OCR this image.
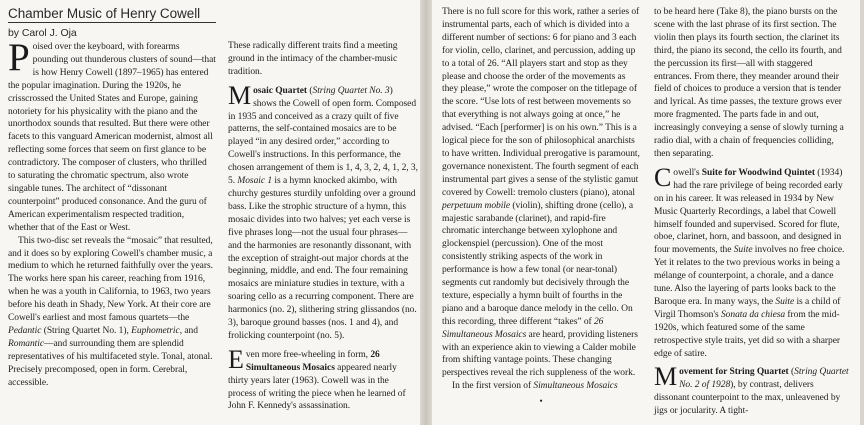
Chamber Music of Henry Cowell
by Carol J. Oja

Poised over the keyboard, with forearms pounding out thunderous clusters of sound—that is how Henry Cowell (1897–1965) has entered the popular imagination. During the 1920s, he crisscrossed the United States and Europe, gaining notoriety for his physicality with the piano and the unorthodox sounds that resulted. But there were other facets to this vanguard American modernist, almost all reflecting some forces that seem on first glance to be contradictory. The composer of clusters, who thrilled to saturating the chromatic spectrum, also wrote singable tunes. The architect of “dissonant counterpoint” produced consonance. And the guru of American experimentalism respected tradition, whether that of the East or West.

This two-disc set reveals the “mosaic” that resulted, and it does so by exploring Cowell's chamber music, a medium to which he returned faithfully over the years. The works here span his career, reaching from 1916, when he was a youth in California, to 1963, two years before his death in Shady, New York. At their core are Cowell's earliest and most famous quartets—the Pedantic (String Quartet No. 1), Euphometric, and Romantic—and surrounding them are splendid representatives of his multifaceted style. Tonal, atonal. Precisely precomposed, open in form. Cerebral, accessible.

These radically different traits find a meeting ground in the intimacy of the chamber-music tradition.

Mosaic Quartet (String Quartet No. 3) shows the Cowell of open form. Composed in 1935 and conceived as a crazy quilt of five patterns, the self-contained mosaics are to be played “in any desired order,” according to Cowell's instructions. In this performance, the chosen arrangement of them is 1, 4, 3, 2, 4, 1, 2, 3, 5. Mosaic 1 is a hymn knocked akimbo, with churchy gestures sturdily unfolding over a ground bass. Like the strophic structure of a hymn, this mosaic divides into two halves; yet each verse is five phrases long—not the usual four phrases—and the harmonies are resonantly dissonant, with the exception of straight-out major chords at the beginning, middle, and end. The four remaining mosaics are miniature studies in texture, with a soaring cello as a recurring component. There are harmonics (no. 2), slithering string glissandos (no. 3), baroque ground basses (nos. 1 and 4), and frolicking counterpoint (no. 5).

Even more free-wheeling in form, 26 Simultaneous Mosaics appeared nearly thirty years later (1963). Cowell was in the process of writing the piece when he learned of John F. Kennedy's assassination.

There is no full score for this work, rather a series of instrumental parts, each of which is divided into a different number of sections: 6 for piano and 3 each for violin, cello, clarinet, and percussion, adding up to a total of 26. “All players start and stop as they please and choose the order of the movements as they please,” wrote the composer on the titlepage of the score. “Use lots of rest between movements so that everything is not always going at once,” he advised. “Each [performer] is on his own.” This is a logical piece for the son of philosophical anarchists to have written. Individual prerogative is paramount, governance nonexistent. The fourth segment of each instrumental part gives a sense of the stylistic gamut covered by Cowell: tremolo clusters (piano), atonal perpetuum mobile (violin), shifting drone (cello), a majestic sarabande (clarinet), and rapid-fire chromatic interchange between xylophone and glockenspiel (percussion). One of the most consistently striking aspects of the work in performance is how a few tonal (or near-tonal) segments cut randomly but decisively through the texture, especially a hymn built of fourths in the piano and a baroque dance melody in the cello. On this recording, three different “takes” of 26 Simultaneous Mosaics are heard, providing listeners with an experience akin to viewing a Calder mobile from shifting vantage points. These changing perspectives reveal the rich suppleness of the work.

In the first version of Simultaneous Mosaics

•

to be heard here (Take 8), the piano bursts on the scene with the last phrase of its first section. The violin then plays its fourth section, the clarinet its third, the piano its second, the cello its fourth, and the percussion its first—all with staggered entrances. From there, they meander around their field of choices to produce a version that is tender and lyrical. As time passes, the texture grows ever more fragmented. The parts fade in and out, increasingly conveying a sense of slowly turning a radio dial, with a chain of frequencies colliding, then separating.

Cowell's Suite for Woodwind Quintet (1934) had the rare privilege of being recorded early on in his career. It was released in 1934 by New Music Quarterly Recordings, a label that Cowell himself founded and supervised. Scored for flute, oboe, clarinet, horn, and bassoon, and designed in four movements, the Suite involves no free choice. Yet it relates to the two previous works in being a mélange of counterpoint, a chorale, and a dance tune. Also the layering of parts looks back to the Baroque era. In many ways, the Suite is a child of Virgil Thomson's Sonata da chiesa from the mid-1920s, which featured some of the same retrospective style traits, yet did so with a sharper edge of satire.

Movement for String Quartet (String Quartet No. 2 of 1928), by contrast, delivers dissonant counterpoint to the max, unleavened by jigs or jocularity. A tight-
